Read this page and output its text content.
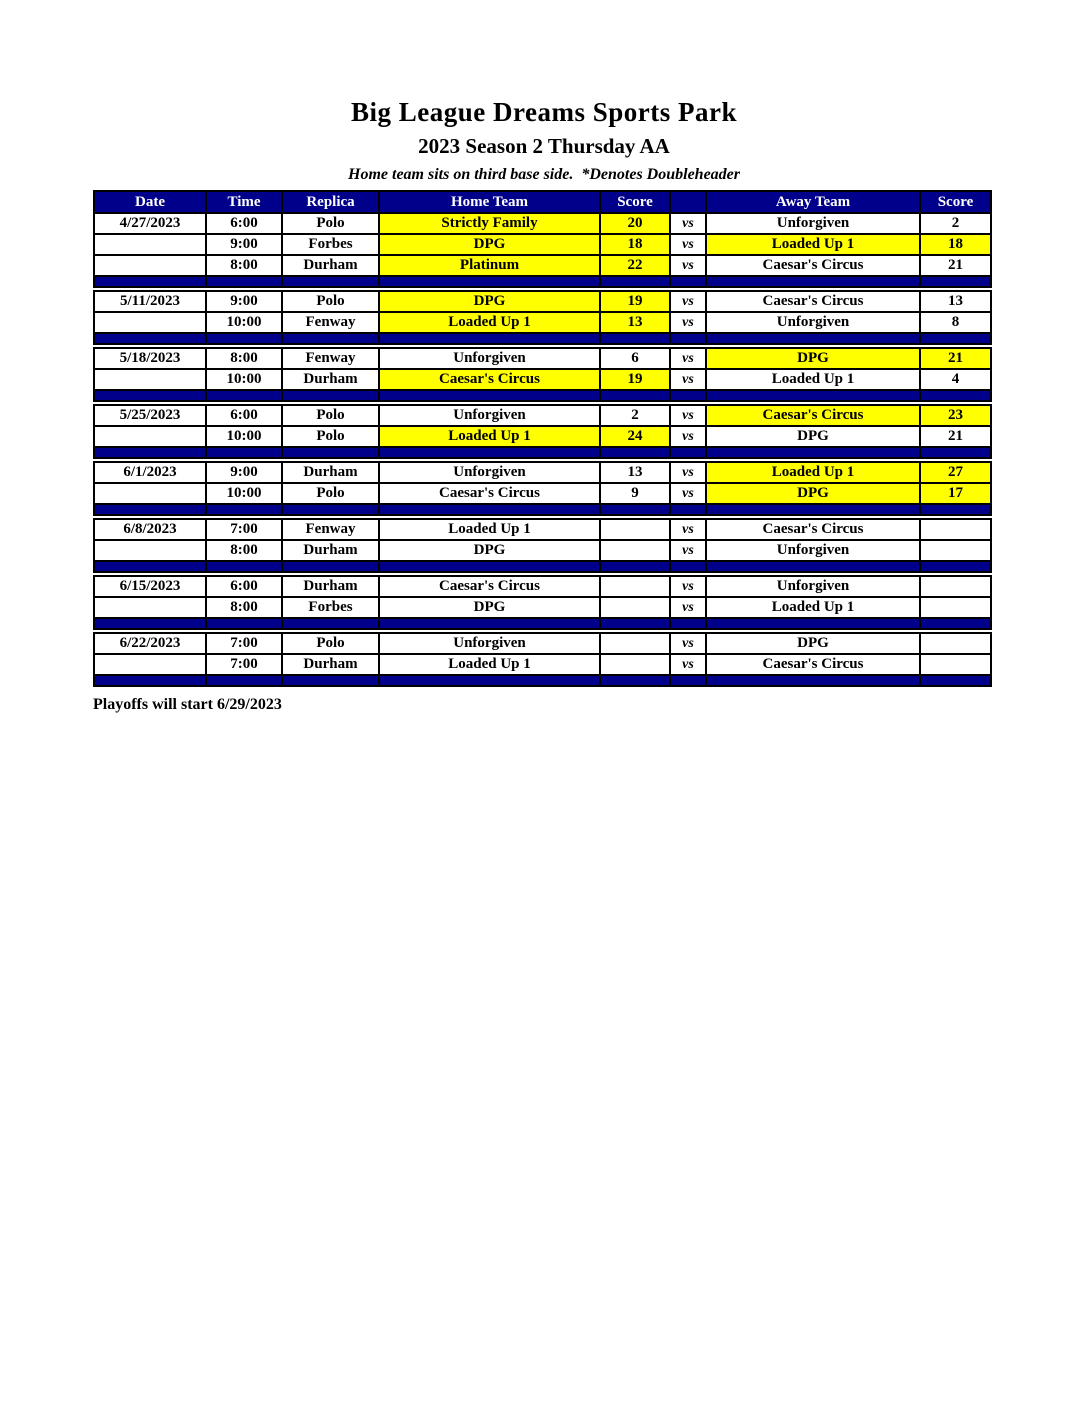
Big League Dreams Sports Park
2023 Season 2 Thursday AA
Home team sits on third base side.  *Denotes Doubleheader
Date	Time	Replica	Home Team	Score		Away Team	Score
4/27/2023	6:00	Polo	Strictly Family	20	vs	Unforgiven	2
	9:00	Forbes	DPG	18	vs	Loaded Up 1	18
	8:00	Durham	Platinum	22	vs	Caesar's Circus	21

5/11/2023	9:00	Polo	DPG	19	vs	Caesar's Circus	13
	10:00	Fenway	Loaded Up 1	13	vs	Unforgiven	8

5/18/2023	8:00	Fenway	Unforgiven	6	vs	DPG	21
	10:00	Durham	Caesar's Circus	19	vs	Loaded Up 1	4

5/25/2023	6:00	Polo	Unforgiven	2	vs	Caesar's Circus	23
	10:00	Polo	Loaded Up 1	24	vs	DPG	21

6/1/2023	9:00	Durham	Unforgiven	13	vs	Loaded Up 1	27
	10:00	Polo	Caesar's Circus	9	vs	DPG	17

6/8/2023	7:00	Fenway	Loaded Up 1		vs	Caesar's Circus	
	8:00	Durham	DPG		vs	Unforgiven	

6/15/2023	6:00	Durham	Caesar's Circus		vs	Unforgiven	
	8:00	Forbes	DPG		vs	Loaded Up 1	

6/22/2023	7:00	Polo	Unforgiven		vs	DPG	
	7:00	Durham	Loaded Up 1		vs	Caesar's Circus	

Playoffs will start 6/29/2023
